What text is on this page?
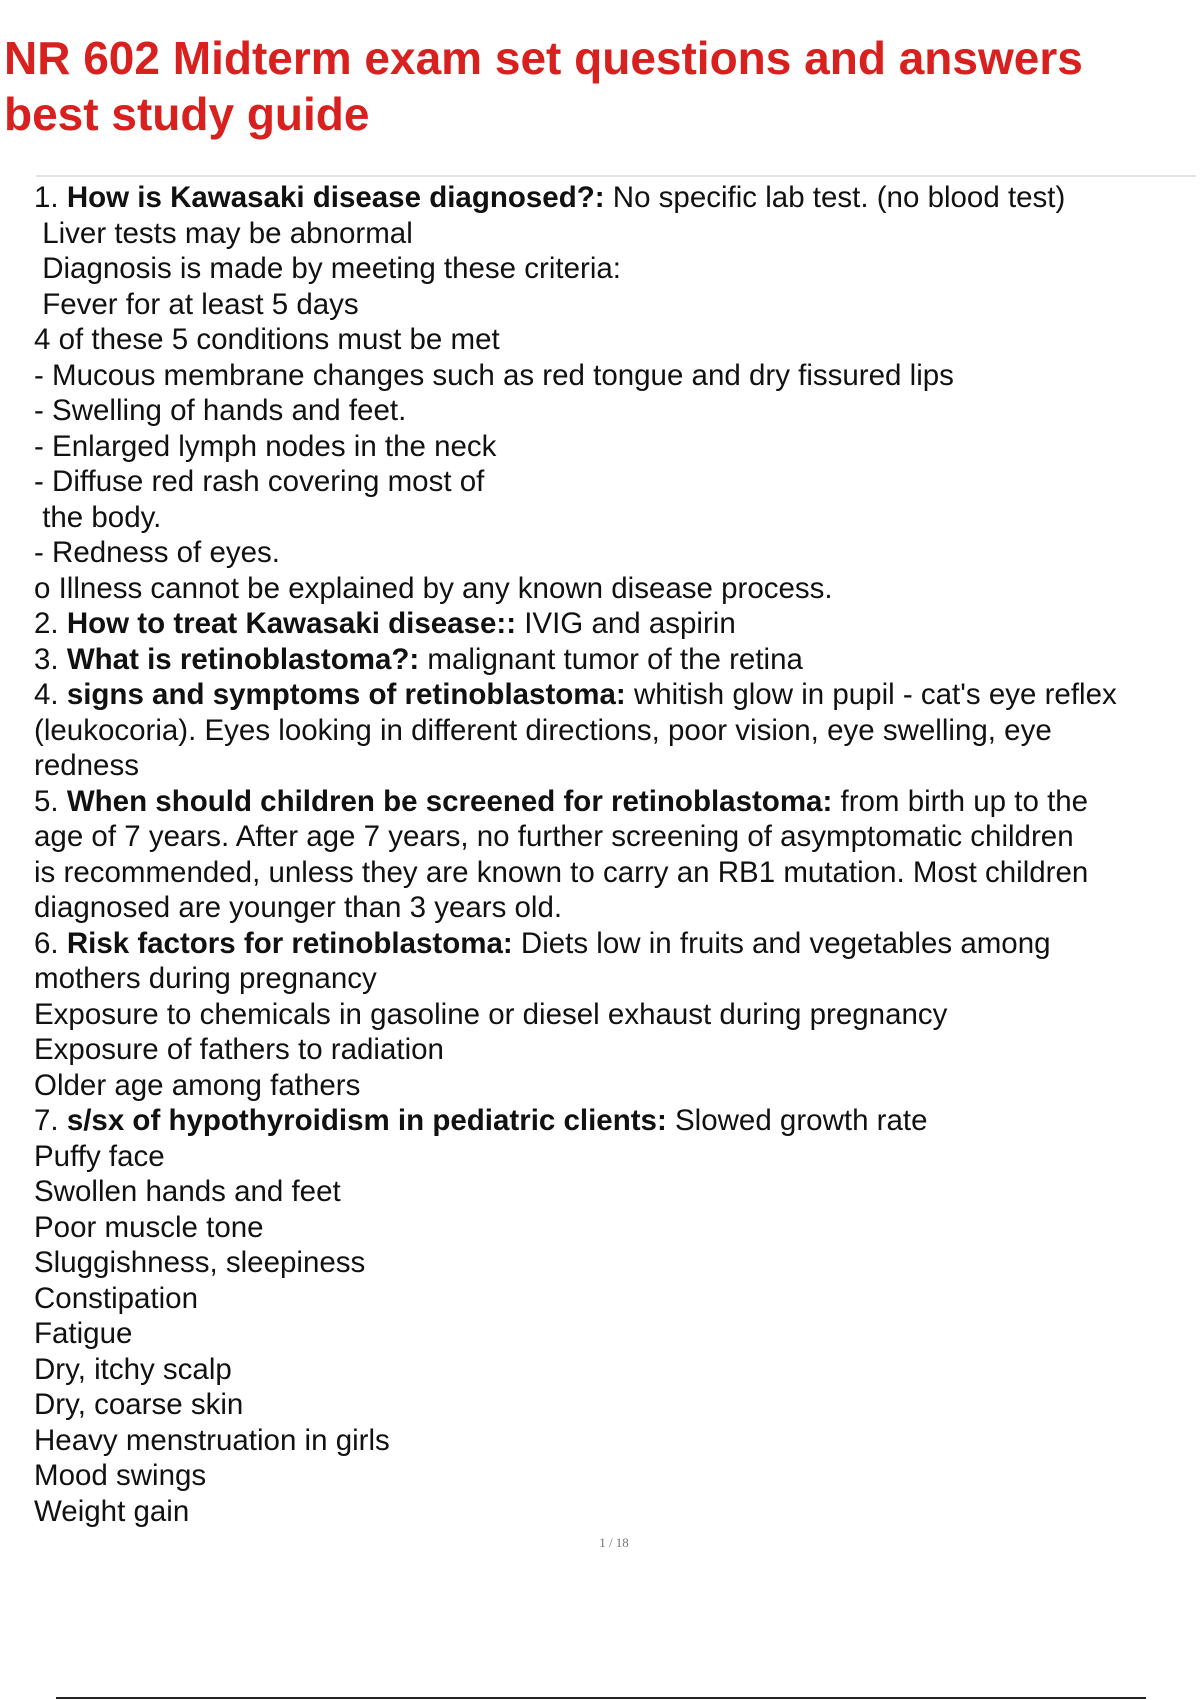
NR 602 Midterm exam set questions and answers best study guide
1. How is Kawasaki disease diagnosed?: No specific lab test. (no blood test)
Liver tests may be abnormal
Diagnosis is made by meeting these criteria:
Fever for at least 5 days
4 of these 5 conditions must be met
- Mucous membrane changes such as red tongue and dry fissured lips
- Swelling of hands and feet.
- Enlarged lymph nodes in the neck
- Diffuse red rash covering most of
the body.
- Redness of eyes.
o Illness cannot be explained by any known disease process.
2. How to treat Kawasaki disease:: IVIG and aspirin
3. What is retinoblastoma?: malignant tumor of the retina
4. signs and symptoms of retinoblastoma: whitish glow in pupil - cat's eye reflex
(leukocoria). Eyes looking in different directions, poor vision, eye swelling, eye
redness
5. When should children be screened for retinoblastoma: from birth up to the
age of 7 years. After age 7 years, no further screening of asymptomatic children
is recommended, unless they are known to carry an RB1 mutation. Most children
diagnosed are younger than 3 years old.
6. Risk factors for retinoblastoma: Diets low in fruits and vegetables among
mothers during pregnancy
Exposure to chemicals in gasoline or diesel exhaust during pregnancy
Exposure of fathers to radiation
Older age among fathers
7. s/sx of hypothyroidism in pediatric clients: Slowed growth rate
Puffy face
Swollen hands and feet
Poor muscle tone
Sluggishness, sleepiness
Constipation
Fatigue
Dry, itchy scalp
Dry, coarse skin
Heavy menstruation in girls
Mood swings
Weight gain
1 / 18
